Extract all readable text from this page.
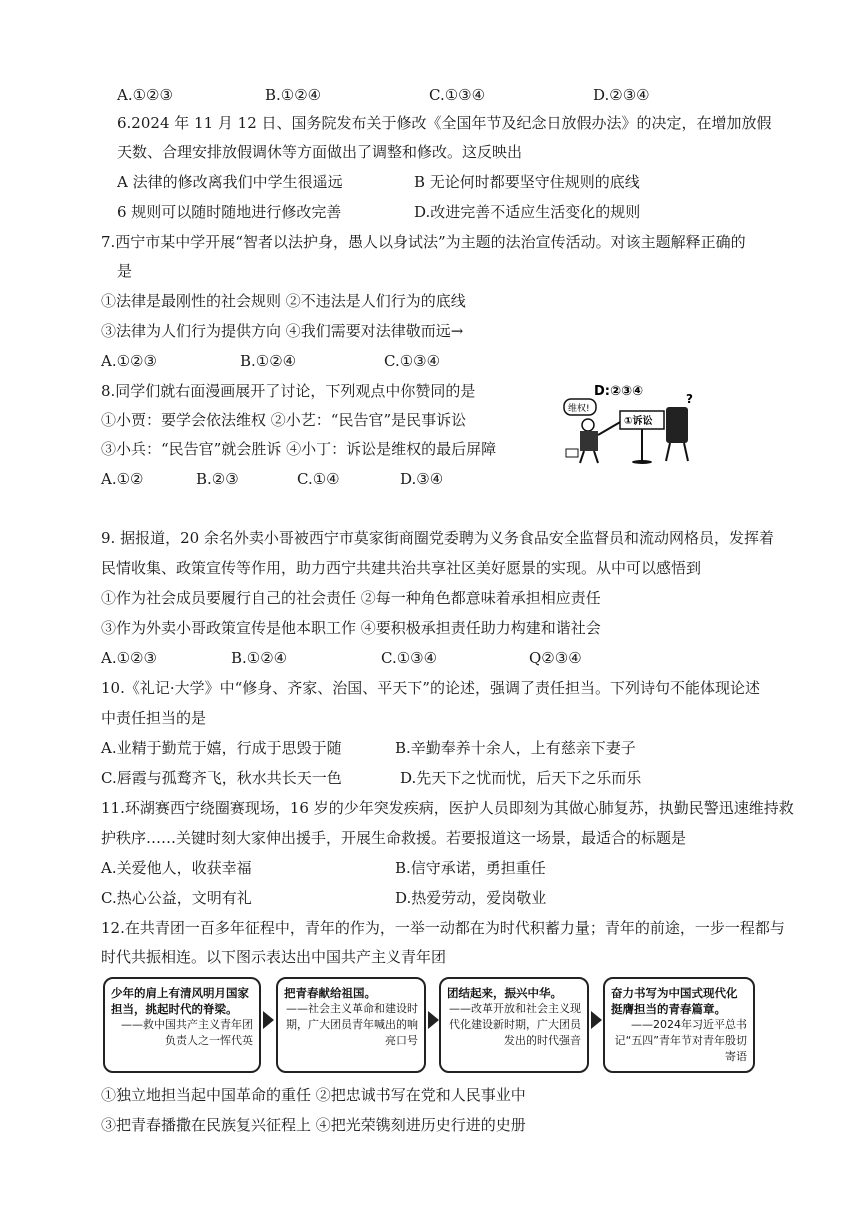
A.①②③	B.①②④	C.①③④	D.②③④
6.2024 年 11 月 12 日、国务院发布关于修改《全国年节及纪念日放假办法》的决定，在增加放假
天数、合理安排放假调休等方面做出了调整和修改。这反映出
A 法律的修改离我们中学生很遥远	B 无论何时都要坚守住规则的底线
6 规则可以随时随地进行修改完善	D.改进完善不适应生活变化的规则
7.西宁市某中学开展“智者以法护身，愚人以身试法”为主题的法治宣传活动。对该主题解释正确的
是
①法律是最刚性的社会规则 ②不违法是人们行为的底线
③法律为人们行为提供方向 ④我们需要对法律敬而远→
A.①②③	B.①②④	C.①③④
8.同学们就右面漫画展开了讨论，下列观点中你赞同的是
①小贾：要学会依法维权 ②小艺：“民告官”是民事诉讼
③小兵：“民告官”就会胜诉 ④小丁：诉讼是维权的最后屏障
A.①②	B.②③	C.①④	D.③④
D:②③④
维权!
①诉讼
?
9. 据报道，20 余名外卖小哥被西宁市莫家街商圈党委聘为义务食品安全监督员和流动网格员，发挥着
民情收集、政策宣传等作用，助力西宁共建共治共享社区美好愿景的实现。从中可以感悟到
①作为社会成员要履行自己的社会责任 ②每一种角色都意味着承担相应责任
③作为外卖小哥政策宣传是他本职工作 ④要积极承担责任助力构建和谐社会
A.①②③	B.①②④	C.①③④	Q②③④
10.《礼记·大学》中“修身、齐家、治国、平天下”的论述，强调了责任担当。下列诗句不能体现论述
中责任担当的是
A.业精于勤荒于嬉，行成于思毁于随	B.辛勤奉养十余人，上有慈亲下妻子
C.唇霞与孤鹜齐飞，秋水共长天一色	D.先天下之忧而忧，后天下之乐而乐
11.环湖赛西宁绕圈赛现场，16 岁的少年突发疾病，医护人员即刻为其做心肺复苏，执勤民警迅速维持救
护秩序……关键时刻大家伸出援手，开展生命救援。若要报道这一场景，最适合的标题是
A.关爱他人，收获幸福	B.信守承诺，勇担重任
C.热心公益，文明有礼	D.热爱劳动，爱岗敬业
12.在共青团一百多年征程中，青年的作为，一举一动都在为时代积蓄力量；青年的前途，一步一程都与
时代共振相连。以下图示表达出中国共产主义青年团
少年的肩上有清风明月国家担当，挑起时代的脊梁。
——救中国共产主义青年团负责人之一恽代英
把青春献给祖国。
——社会主义革命和建设时期，广大团员青年喊出的响亮口号
团结起来，振兴中华。
——改革开放和社会主义现代化建设新时期，广大团员发出的时代强音
奋力书写为中国式现代化挺膺担当的青春篇章。
——2024年习近平总书记“五四”青年节对青年殷切寄语
①独立地担当起中国革命的重任 ②把忠诚书写在党和人民事业中
③把青春播撒在民族复兴征程上 ④把光荣镌刻进历史行进的史册
